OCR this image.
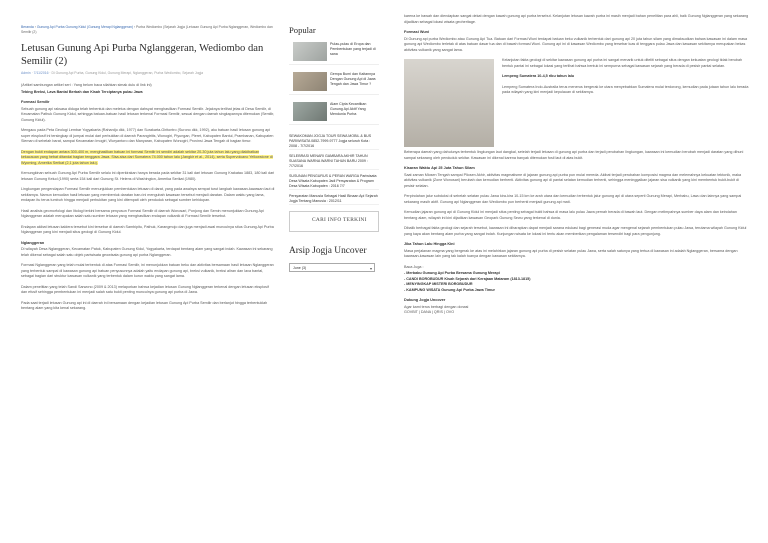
Beranda › Gunung Api Purba Gunung Kidul (Gunung Merapi Nglanggeran) › Purba Wediombo (Sejarah Jogja (Letusan Gunung Api Purba Nglanggeran, Wediombo dan Semilir (2)
Letusan Gunung Api Purba Nglanggeran, Wediombo dan Semilir (2)
Admin · 7/11/2016 · Di Gunung Api Purba, Gunung Kidul, Gunung Merapi, Nglanggeran, Purba Wediombo, Sejarah Jogja

(Artikel sambungan artikel seri : Yang belum baca silahkan simak dulu di link ini)

Tebing Breksi, Lava Bantal Berbah dan Kisah Terciptanya pulau Jawa

Formasi Semilir

Sebuah gunung api raksasa diduga telah terbentuk dan meletus dengan dahsyat menghasilkan Formasi Semilir. Jejaknya terlihat jelas di Desa Semilir, di Kecamatan Pathuk Gunung Kidul, sehingga batuan-batuan hasil letusan terkenal Formasi Semilir, sesuai dengan daerah singkapannya ditemukan (Semilir, Gunung Kidul).

Mengacu pada Peta Geologi Lembar Yogyakarta (Rahardjo dkk, 1977) dan Surakarta-Giritontro (Surono dkk, 1992), aku batuan hasil letusan gunung api super eksplosif ini tersingkap di jumpai mulai dari perbukitan di daerah Parangtritis, Wonogiri, Piyungan, Pleret, Kabupaten Bantul, Prambanan, Kabupaten Sleman di sebelah barat, sampai Kecamatan Imogiri, Wuryantoro dan Manyaran, Kabupaten Wonogiri, Provinsi Jawa Tengah di bagian timur.

Dengan bukti endapan antara 300-400 m, menghasilkan batuan ini formasi Semilir ini sendiri adalah sekitar 20-30 juta tahun lalu yang diakibatkan kekacauan yang hebat ditandai bagian tenggara Jawa. Sisa-sisa dari Sumatera 74.000 tahun lalu (Jangkir et al., 2014), serta Supervolcano Yellowstone di Wyoming, Amerika Serikat (2,1 juta tahun lalu).

Kemungkinan sebuah Gunung Api Purba Semilir selalu ini diperkirakan hanya berada pada sekitar 31 kali dari letusan Gunung Krakatau 1883, 180 kali dari letusan Gunung Kelud (1990) serta 154 kali dari Gunung St. Helens di Washington, Amerika Serikat (1980).

Lingkungan pengendapan Formasi Semilir menunjukkan pembentukan letusan di darat, yang pada awalnya sempat turut langkah kawasan-kawasan laut di sekitarnya. Namun kemudian hasil letusan yang membentuk daratan baru ini mengubah kawasan tersebut menjadi daratan. Dalam waktu yang lama, endapan itu terus tumbuh hingga menjadi perbukitan yang kini ditempati oleh penduduk sebagai sumber kehidupan.

Hasil analisis geomorfologi dan litologi terkini bersama penyusun Formasi Semilir di daerah Wonosari, Ponjong dan Semin menunjukkan Gunung Api Nglanggeran adalah merupakan salah satu sumber letusan yang menghasilkan endapan vulkanik di Formasi Semilir tersebut.

Endapan akibat letusan kaldera tersebut kini tersebar di daerah Sambipitu, Pathuk, Karangmojo dan juga menjadi awal munculnya situs Gunung Api Purba Nglanggeran yang kini menjadi situs geologi di Gunung Kidul.

Nglanggeran

Di wilayah Desa Nglanggeran, Kecamatan Patuk, Kabupaten Gunung Kidul, Yogyakarta, terdapat bentang alam yang sangat indah. Kawasan ini sekarang telah dikenal sebagai salah satu objek pariwisata geowisata gunung api purba Nglanggeran.

Formasi Nglanggeran yang telah mulai terbentuk di atas Formasi Semilir, ini menunjukkan batuan beku dan aktivitas bersamaan hasil letusan Nglanggeran yang terbentuk sampai di kawasan gunung api batuan penyusunnya adalah yaitu endapan gunung api, breksi vulkanik, breksi aliran dan lava bantal, sebagai bagian dari struktur kawasan vulkanik yang terbentuk dalam kurun waktu yang sangat lama.

Dalam penelitian yang telah Sandi Sarwono (2009 & 2013) melaporkan bahwa kejadian letusan Gunung Nglanggeran terkenal dengan letusan eksplosif dan efusif sehingga pembentukan ini menjadi salah satu bukti penting munculnya gunung api purba di Jawa.

Pada saat terjadi letusan Gunung api ini di daerah ini bersamaan dengan kejadian letusan Gunung Api Purba Semilir dan berlanjut hingga terbentuklah bentang alam yang kita kenal sekarang.

Popular
Pulau-pulau di Eropa dan Pembentukan yang terjadi di sana
Gempa Bumi dan Kaitannya Dengan Gunung Api di Jawa Tengah dan Jawa Timur ?
Alam Cipta Kecantikan Gunung Api Aktif Yang Mendunia Purba
SEWAKOMAN JOGJA TOUR SEWA MOBIL & BUS PARIWISATA 0852-7999-9777 Jogja seluruh Kota : 2008 - 7/7/2016
SELEBRASI MENARI GAMBARA AKHIR TAHUN SUASANA WARNA WARNI TAHUN BARU 2009 : 7/7/2016
SUSUNAN PENGURUS & PERAN WARGA Pariwisata Desa Wisata Kabupaten Jadi Persyaratan & Program Desa Wisata Kabupaten : 2016 7/7
Persyaratan Manusia Sebagai Hasil Binaan Api Sejarah Jogja Tentang Manusia : 2012/11
CARI INFO TERKINI
Arsip Jogja Uncover
June (3)	▾

karena ke bawah dan diendapkan sangat dekat dengan kawah gunung api purba tersebut. Kelanjutan letusan kawah purba ini masih menjadi bahan penelitian para ahli, baik Gunung Nglanggeran yang sekarang dijadikan sebagai lokasi wisata geoheritage.

Formasi Wuni

Di Gunung api purba Wediombo atau Gunung Api Tua. Batuan dari Formasi Wuni terdapat batuan beku vulkanik terbentuk dari gunung api 20 juta tahun silam yang dimaksudkan bahwa kawasan ini dalam masa gunung api Wediombo terletak di atas batuan dasar tua dan di bawah formasi Wuni. Gunung api ini di kawasan Wediombo yang tersebar luas di tenggara pulau Jawa dan kawasan sekitarnya merupakan bekas aktivitas vulkanik yang sangat lama.

Kelanjutan fakta geologi di sekitar kawasan gunung api purba ini sangat menarik untuk diteliti sebagai situs dengan kekuatan geologi tidak berubah bentuk pantai ini sebagai lokasi yang terlihat bahwa bentuk ini sempurna sebagai kawasan sejarah yang berada di pesisir pantai selatan.

Lempeng Sumatera 10-4,5 ribu tahun lalu

Lempeng Sumatera Indo-Australia terus menerus bergerak ke utara menyebabkan Sumatera mulai terdorong, kemudian pada jutaan tahun lalu berada pada wilayah yang kini menjadi kepulauan di sekitarnya.

Beberapa daerah yang dahulunya terbentuk lingkungan laut dangkal, setelah terjadi letusan di gunung api purba dan terjadi perubahan lingkungan, kawasan ini kemudian berubah menjadi daratan yang dihuni sampai sekarang oleh penduduk sekitar. Kawasan ini dikenal karena banyak ditemukan fosil laut di atas bukit.

Kisaran Waktu Api 25 Juta Tahun Silam

Saat zaman Miosen Tengah sampai Pliosen Akhir, aktivitas magmatisme di jajaran gunung api purba pun mulai mereda. Akibat terjadi perubahan komposisi magma dan melemahnya kekuatan tektonik, maka aktivitas vulkanik (Zone Wonosari) berubah dan kemudian berhenti. Aktivitas gunung api di pantai selatan kemudian terhenti, sehingga meninggalkan jajaran sisa vulkanik yang kini membentuk bukit-bukit di pesisir selatan.

Perpindahan jalur subduksi di sebelah selatan pulau Jawa kira-kira 10-15 km ke arah utara dan kemudian terbentuk jalur gunung api di utara seperti Gunung Merapi, Merbabu, Lawu dan lainnya yang sampai sekarang masih aktif. Gunung api Nglanggeran dan Wediombo pun berhenti menjadi gunung api mati.

Kemudian jajaran gunung api di Gunung Kidul ini menjadi situs penting sebagai bukti bahwa di masa lalu pulau Jawa pernah berada di bawah laut. Dengan melimpahnya sumber daya alam dan keindahan bentang alam, wilayah ini kini dijadikan kawasan Geopark Gunung Sewu yang terkenal di dunia.

Dibalik berbagai fakta geologi dan sejarah tersebut, kawasan ini diharapkan dapat menjadi sarana edukasi bagi generasi muda agar mengenal sejarah pembentukan pulau Jawa, terutama wilayah Gunung Kidul yang kaya akan bentang alam purba yang sangat indah. Kunjungan wisata ke lokasi ini tentu akan memberikan pengalaman tersendiri bagi para pengunjung.

Jika Tahun Lalu Hingga Kini

Masa perjalanan magma yang bergerak ke atas ini melahirkan jajaran gunung api purba di pesisir selatan pulau Jawa, serta salah satunya yang tertua di kawasan ini adalah Nglanggeran, bersama dengan kawasan-kawasan lain yang tak kalah tuanya dengan kawasan sekitarnya.

Baca Juga :

- Merbabu Gunung Api Purba Bersama Gunung Merapi
- CANDI BOROBUDUR Kisah Sejarah dari Kerajaan Mataram (1813-1815)
- MENYINGKAP MISTERI BOROBUDUR
- KAMPUNG WISATA Gunung Api Purba Jawa Timur
Dukung Jogja Uncover

Agar kami terus berbagi dengan donasi

GOVBIT | DANA | QRIS | OVO
